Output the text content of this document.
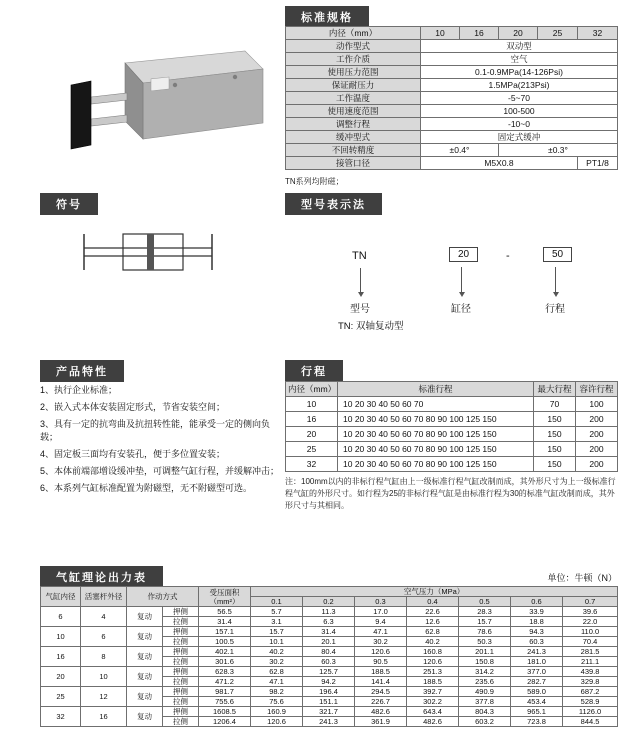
标准规格
内径（mm）	10	16	20	25	32
动作型式	双动型				
工作介质	空气				
使用压力范围	0.1-0.9MPa(14-126Psi)				
保证耐压力	1.5MPa(213Psi)				
工作温度	-5~70				
使用速度范围	100-500				
调整行程	-10~0				
缓冲型式	固定式缓冲				
不回转精度	±0.4°		±0.3°		
接管口径	M5X0.8				PT1/8
TN系列均附磁；
符号	型号表示法
TN	20	-	50
型号	缸径	行程
TN: 双轴复动型
产品特性
1、执行企业标准；
2、嵌入式本体安装固定形式，节省安装空间；
3、具有一定的抗弯曲及抗扭转性能，能承受一定的侧向负载；
4、固定板三面均有安装孔，便于多位置安装；
5、本体前端部增设缓冲垫，可调整气缸行程，并缓解冲击；
6、本系列气缸标准配置为附磁型，无不附磁型可选。
行程
内径（mm）	标准行程	最大行程	容许行程
10	10 20 30 40 50 60 70	70	100
16	10 20 30 40 50 60 70 80 90 100 125 150	150	200
20	10 20 30 40 50 60 70 80 90 100 125 150	150	200
25	10 20 30 40 50 60 70 80 90 100 125 150	150	200
32	10 20 30 40 50 60 70 80 90 100 125 150	150	200
注：100mm以内的非标行程气缸由上一级标准行程气缸改制而成，其外形尺寸为上一级标准行程气缸的外形尺寸。如行程为25的非标行程气缸是由标准行程为30的标准气缸改制而成，其外形尺寸与其相同。
气缸理论出力表	单位：牛顿（N）
气缸内径	活塞杆外径	作动方式		受压面积（mm²）	空气压力（MPa）						
					0.1	0.2	0.3	0.4	0.5	0.6	0.7
6	4	复动	押侧	56.5	5.7	11.3	17.0	22.6	28.3	33.9	39.6
			拉侧	31.4	3.1	6.3	9.4	12.6	15.7	18.8	22.0
10	6	复动	押侧	157.1	15.7	31.4	47.1	62.8	78.6	94.3	110.0
			拉侧	100.5	10.1	20.1	30.2	40.2	50.3	60.3	70.4
16	8	复动	押侧	402.1	40.2	80.4	120.6	160.8	201.1	241.3	281.5
			拉侧	301.6	30.2	60.3	90.5	120.6	150.8	181.0	211.1
20	10	复动	押侧	628.3	62.8	125.7	188.5	251.3	314.2	377.0	439.8
			拉侧	471.2	47.1	94.2	141.4	188.5	235.6	282.7	329.8
25	12	复动	押侧	981.7	98.2	196.4	294.5	392.7	490.9	589.0	687.2
			拉侧	755.6	75.6	151.1	226.7	302.2	377.8	453.4	528.9
32	16	复动	押侧	1608.5	160.9	321.7	482.6	643.4	804.3	965.1	1126.0
			拉侧	1206.4	120.6	241.3	361.9	482.6	603.2	723.8	844.5
